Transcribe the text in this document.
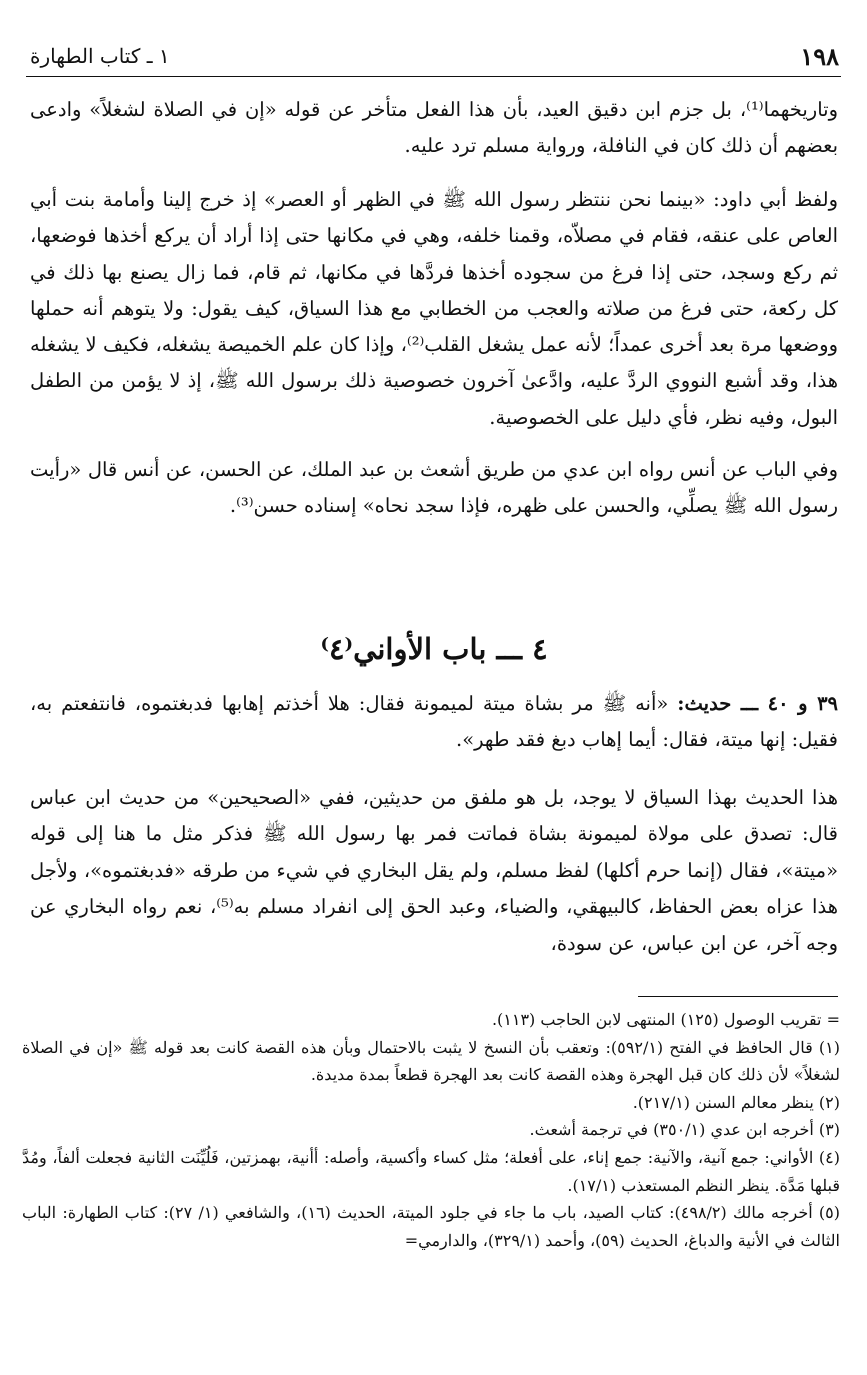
١٩٨
١ ـ كتاب الطهارة

وتاريخهما⁽¹⁾، بل جزم ابن دقيق العيد، بأن هذا الفعل متأخر عن قوله «إن في الصلاة لشغلاً» وادعى بعضهم أن ذلك كان في النافلة، ورواية مسلم ترد عليه.

ولفظ أبي داود: «بينما نحن ننتظر رسول الله ﷺ في الظهر أو العصر» إذ خرج إلينا وأمامة بنت أبي العاص على عنقه، فقام في مصلاّه، وقمنا خلفه، وهي في مكانها حتى إذا أراد أن يركع أخذها فوضعها، ثم ركع وسجد، حتى إذا فرغ من سجوده أخذها فردَّها في مكانها، ثم قام، فما زال يصنع بها ذلك في كل ركعة، حتى فرغ من صلاته والعجب من الخطابي مع هذا السياق، كيف يقول: ولا يتوهم أنه حملها ووضعها مرة بعد أخرى عمداً؛ لأنه عمل يشغل القلب⁽²⁾، وإذا كان علم الخميصة يشغله، فكيف لا يشغله هذا، وقد أشبع النووي الردَّ عليه، وادَّعىٰ آخرون خصوصية ذلك برسول الله ﷺ، إذ لا يؤمن من الطفل البول، وفيه نظر، فأي دليل على الخصوصية.

وفي الباب عن أنس رواه ابن عدي من طريق أشعث بن عبد الملك، عن الحسن، عن أنس قال «رأيت رسول الله ﷺ يصلِّي، والحسن على ظهره، فإذا سجد نحاه» إسناده حسن⁽³⁾.

٤ ـــ باب الأواني⁽٤⁾

٣٩ و ٤٠ ـــ حديث: «أنه ﷺ مر بشاة ميتة لميمونة فقال: هلا أخذتم إهابها فدبغتموه، فانتفعتم به، فقيل: إنها ميتة، فقال: أيما إهاب دبغ فقد طهر».

هذا الحديث بهذا السياق لا يوجد، بل هو ملفق من حديثين، ففي «الصحيحين» من حديث ابن عباس قال: تصدق على مولاة لميمونة بشاة فماتت فمر بها رسول الله ﷺ فذكر مثل ما هنا إلى قوله «ميتة»، فقال (إنما حرم أكلها) لفظ مسلم، ولم يقل البخاري في شيء من طرقه «فدبغتموه»، ولأجل هذا عزاه بعض الحفاظ، كالبيهقي، والضياء، وعبد الحق إلى انفراد مسلم به⁽⁵⁾، نعم رواه البخاري عن وجه آخر، عن ابن عباس، عن سودة،

= تقريب الوصول (١٢٥) المنتهى لابن الحاجب (١١٣).

(١) قال الحافظ في الفتح (٥٩٢/١): وتعقب بأن النسخ لا يثبت بالاحتمال وبأن هذه القصة كانت بعد قوله ﷺ «إن في الصلاة لشغلاً» لأن ذلك كان قبل الهجرة وهذه القصة كانت بعد الهجرة قطعاً بمدة مديدة.

(٢) ينظر معالم السنن (٢١٧/١).

(٣) أخرجه ابن عدي (٣٥٠/١) في ترجمة أشعث.

(٤) الأواني: جمع آنية، والآنية: جمع إناء، على أفعلة؛ مثل كساء وأكسية، وأصله: أأنية، بهمزتين، فَلُيِّنَت الثانية فجعلت ألفاً، ومُدَّ قبلها مَدَّة. ينظر النظم المستعذب (١٧/١).

(٥) أخرجه مالك (٤٩٨/٢): كتاب الصيد، باب ما جاء في جلود الميتة، الحديث (١٦)، والشافعي (١/ ٢٧): كتاب الطهارة: الباب الثالث في الأنية والدباغ، الحديث (٥٩)، وأحمد (٣٢٩/١)، والدارمي=
